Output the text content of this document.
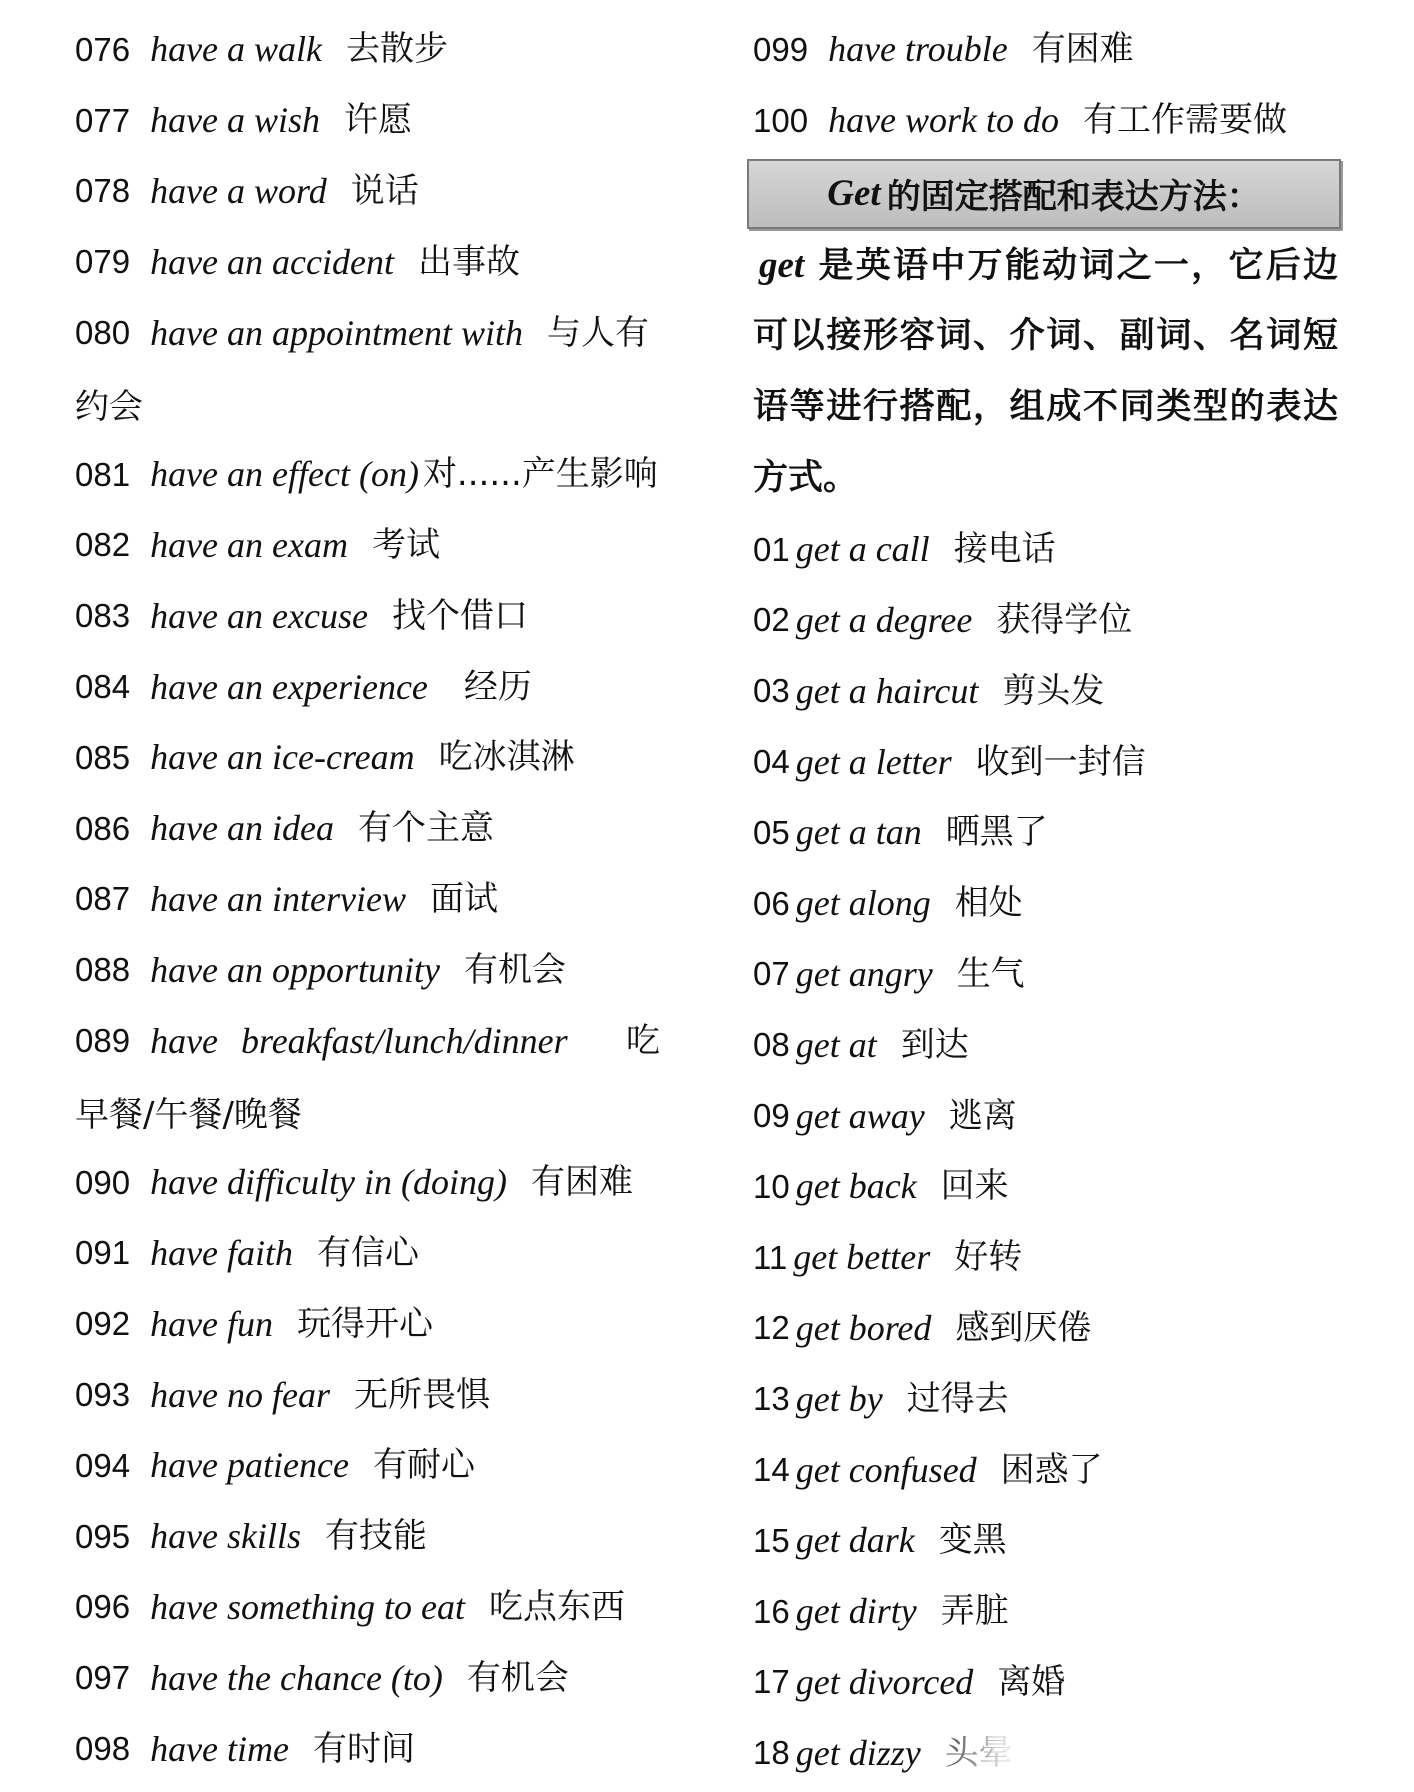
076 have a walk 去散步
077 have a wish 许愿
078 have a word 说话
079 have an accident 出事故
080 have an appointment with 与人有
约会
081 have an effect (on) 对......产生影响
082 have an exam 考试
083 have an excuse 找个借口
084 have an experience 经历
085 have an ice-cream 吃冰淇淋
086 have an idea 有个主意
087 have an interview 面试
088 have an opportunity 有机会
089 have breakfast/lunch/dinner 吃
早餐/午餐/晚餐
090 have difficulty in (doing) 有困难
091 have faith 有信心
092 have fun 玩得开心
093 have no fear 无所畏惧
094 have patience 有耐心
095 have skills 有技能
096 have something to eat 吃点东西
097 have the chance (to) 有机会
098 have time 有时间
099 have trouble 有困难
100 have work to do 有工作需要做
Get 的固定搭配和表达方法：
get 是英语中万能动词之一，它后边可以接形容词、介词、副词、名词短语等进行搭配，组成不同类型的表达方式。
01 get a call 接电话
02 get a degree 获得学位
03 get a haircut 剪头发
04 get a letter 收到一封信
05 get a tan 晒黑了
06 get along 相处
07 get angry 生气
08 get at 到达
09 get away 逃离
10 get back 回来
11 get better 好转
12 get bored 感到厌倦
13 get by 过得去
14 get confused 困惑了
15 get dark 变黑
16 get dirty 弄脏
17 get divorced 离婚
18 get dizzy 头晕
